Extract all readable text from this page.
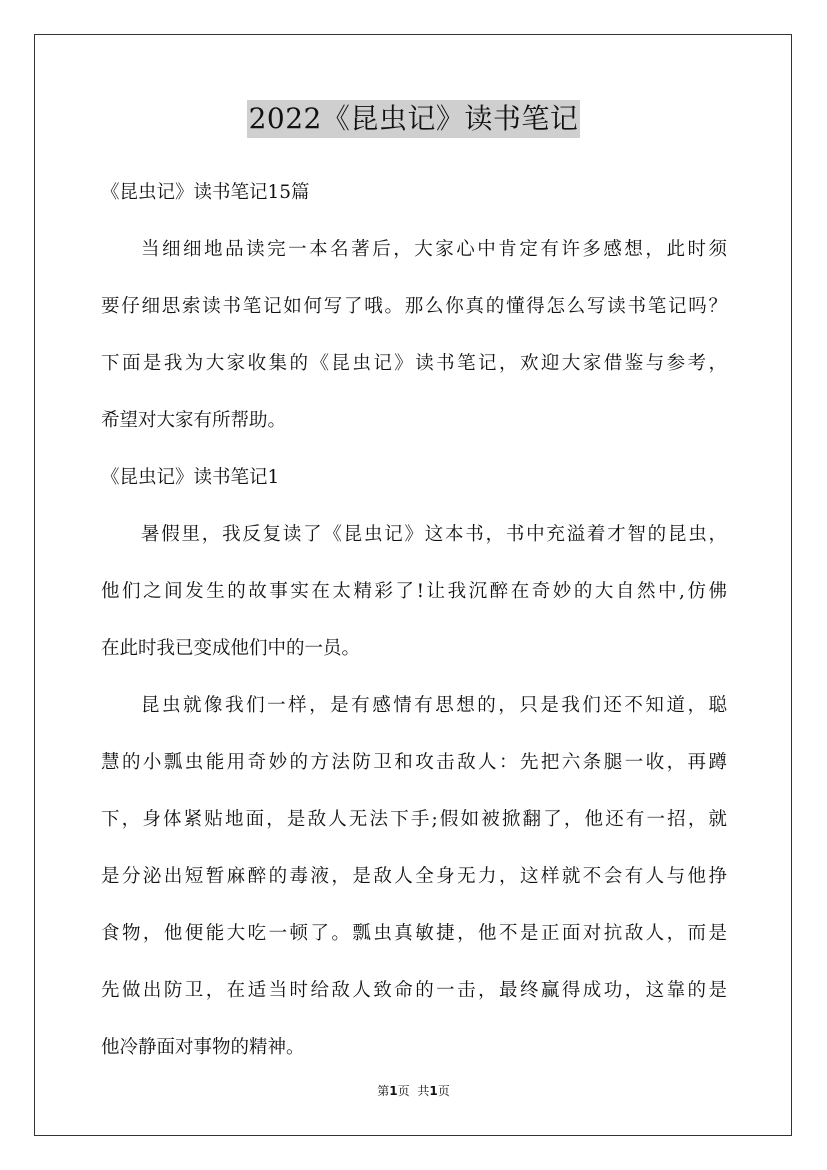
2022《昆虫记》读书笔记
《昆虫记》读书笔记15篇
当细细地品读完一本名著后，大家心中肯定有许多感想，此时须
要仔细思索读书笔记如何写了哦。那么你真的懂得怎么写读书笔记吗？
下面是我为大家收集的《昆虫记》读书笔记，欢迎大家借鉴与参考，
希望对大家有所帮助。
《昆虫记》读书笔记1
暑假里，我反复读了《昆虫记》这本书，书中充溢着才智的昆虫，
他们之间发生的故事实在太精彩了!让我沉醉在奇妙的大自然中,仿佛
在此时我已变成他们中的一员。
昆虫就像我们一样，是有感情有思想的，只是我们还不知道，聪
慧的小瓢虫能用奇妙的方法防卫和攻击敌人：先把六条腿一收，再蹲
下，身体紧贴地面，是敌人无法下手;假如被掀翻了，他还有一招，就
是分泌出短暂麻醉的毒液，是敌人全身无力，这样就不会有人与他挣
食物，他便能大吃一顿了。瓢虫真敏捷，他不是正面对抗敌人，而是
先做出防卫，在适当时给敌人致命的一击，最终赢得成功，这靠的是
他冷静面对事物的精神。
第1页 共1页
